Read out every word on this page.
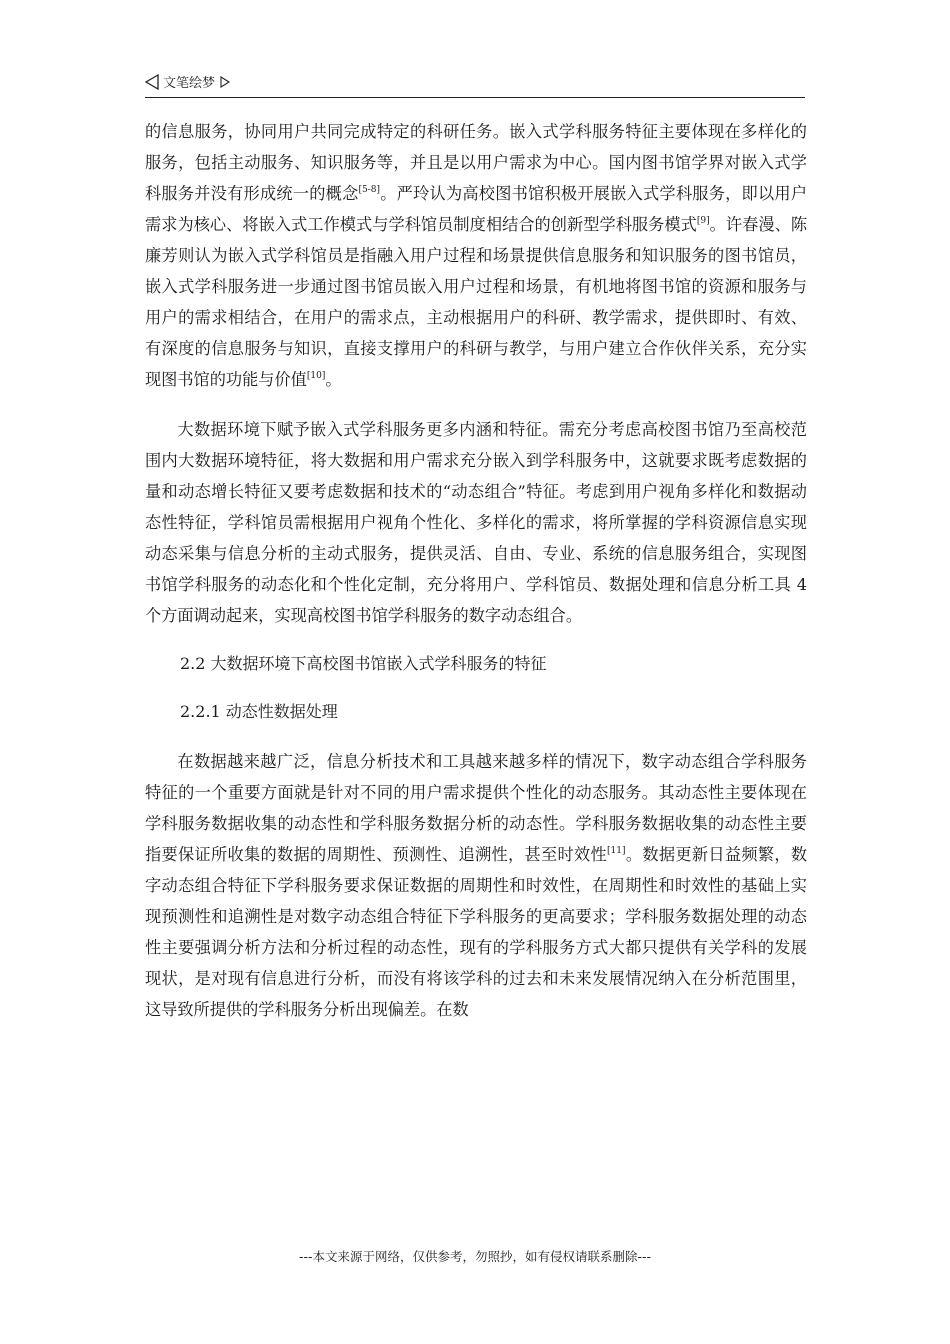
文笔绘梦

的信息服务，协同用户共同完成特定的科研任务。嵌入式学科服务特征主要体现在多样化的服务，包括主动服务、知识服务等，并且是以用户需求为中心。国内图书馆学界对嵌入式学科服务并没有形成统一的概念[5-8]。严玲认为高校图书馆积极开展嵌入式学科服务，即以用户需求为核心、将嵌入式工作模式与学科馆员制度相结合的创新型学科服务模式[9]。许春漫、陈廉芳则认为嵌入式学科馆员是指融入用户过程和场景提供信息服务和知识服务的图书馆员，嵌入式学科服务进一步通过图书馆员嵌入用户过程和场景，有机地将图书馆的资源和服务与用户的需求相结合，在用户的需求点，主动根据用户的科研、教学需求，提供即时、有效、有深度的信息服务与知识，直接支撑用户的科研与教学，与用户建立合作伙伴关系，充分实现图书馆的功能与价值[10]。

大数据环境下赋予嵌入式学科服务更多内涵和特征。需充分考虑高校图书馆乃至高校范围内大数据环境特征，将大数据和用户需求充分嵌入到学科服务中，这就要求既考虑数据的量和动态增长特征又要考虑数据和技术的“动态组合”特征。考虑到用户视角多样化和数据动态性特征，学科馆员需根据用户视角个性化、多样化的需求，将所掌握的学科资源信息实现动态采集与信息分析的主动式服务，提供灵活、自由、专业、系统的信息服务组合，实现图书馆学科服务的动态化和个性化定制，充分将用户、学科馆员、数据处理和信息分析工具 4 个方面调动起来，实现高校图书馆学科服务的数字动态组合。

2.2 大数据环境下高校图书馆嵌入式学科服务的特征
2.2.1 动态性数据处理

在数据越来越广泛，信息分析技术和工具越来越多样的情况下，数字动态组合学科服务特征的一个重要方面就是针对不同的用户需求提供个性化的动态服务。其动态性主要体现在学科服务数据收集的动态性和学科服务数据分析的动态性。学科服务数据收集的动态性主要指要保证所收集的数据的周期性、预测性、追溯性，甚至时效性[11]。数据更新日益频繁，数字动态组合特征下学科服务要求保证数据的周期性和时效性，在周期性和时效性的基础上实现预测性和追溯性是对数字动态组合特征下学科服务的更高要求；学科服务数据处理的动态性主要强调分析方法和分析过程的动态性，现有的学科服务方式大都只提供有关学科的发展现状，是对现有信息进行分析，而没有将该学科的过去和未来发展情况纳入在分析范围里，这导致所提供的学科服务分析出现偏差。在数

---本文来源于网络，仅供参考，勿照抄，如有侵权请联系删除---
